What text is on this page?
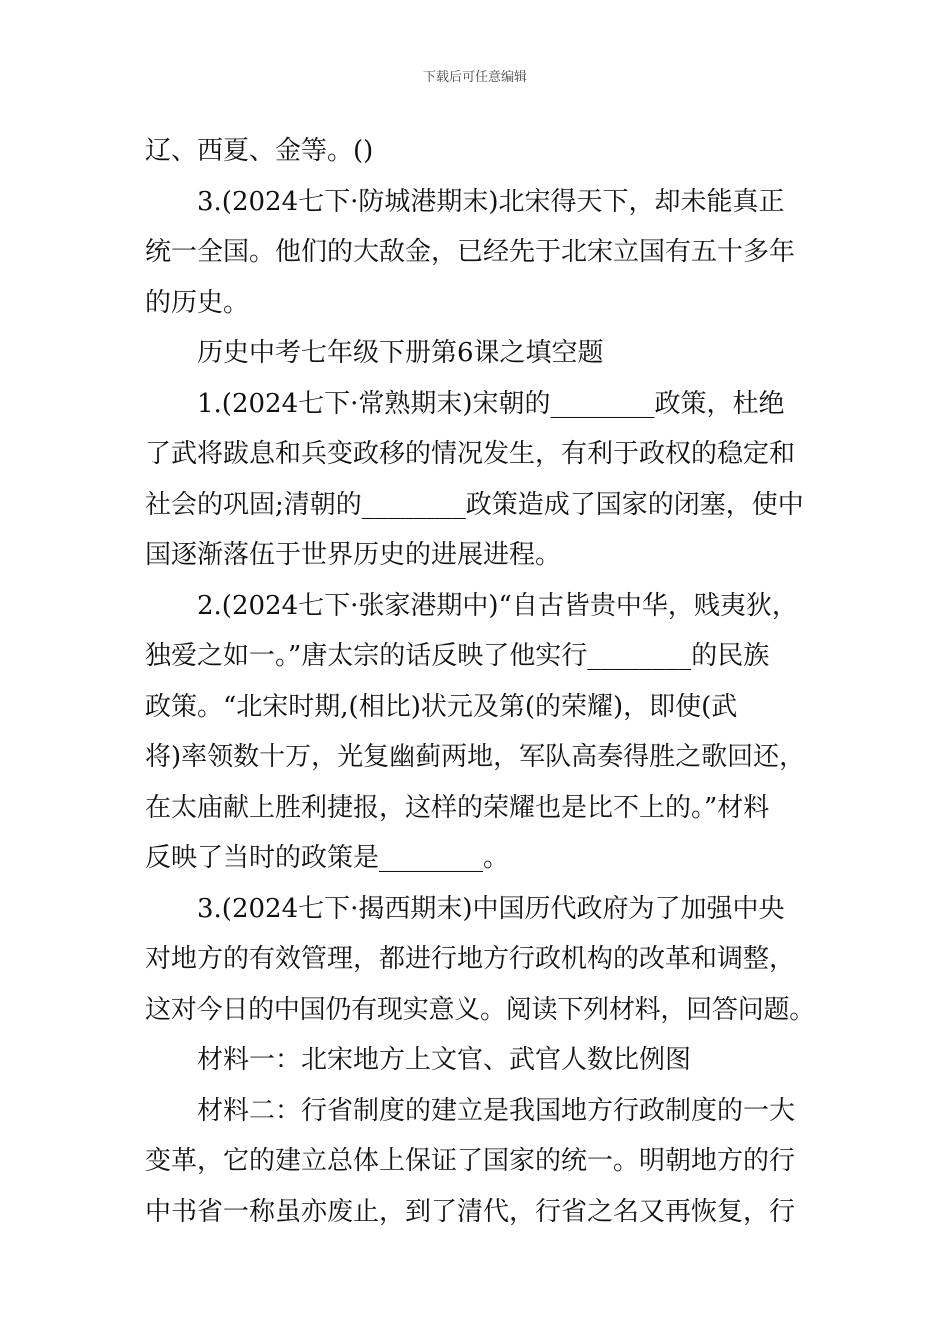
下载后可任意编辑
辽、西夏、金等。()
3.(2024七下·防城港期末)北宋得天下，却未能真正
统一全国。他们的大敌金，已经先于北宋立国有五十多年
的历史。
历史中考七年级下册第6课之填空题
1.(2024七下·常熟期末)宋朝的________政策，杜绝
了武将跋息和兵变政移的情况发生，有利于政权的稳定和
社会的巩固;清朝的________政策造成了国家的闭塞，使中
国逐渐落伍于世界历史的进展进程。
2.(2024七下·张家港期中)“自古皆贵中华，贱夷狄，
独爱之如一。”唐太宗的话反映了他实行________的民族
政策。“北宋时期,(相比)状元及第(的荣耀)，即使(武
将)率领数十万，光复幽蓟两地，军队高奏得胜之歌回还，
在太庙献上胜利捷报，这样的荣耀也是比不上的。”材料
反映了当时的政策是________。
3.(2024七下·揭西期末)中国历代政府为了加强中央
对地方的有效管理，都进行地方行政机构的改革和调整，
这对今日的中国仍有现实意义。阅读下列材料，回答问题。
材料一：北宋地方上文官、武官人数比例图
材料二：行省制度的建立是我国地方行政制度的一大
变革，它的建立总体上保证了国家的统一。明朝地方的行
中书省一称虽亦废止，到了清代，行省之名又再恢复，行
